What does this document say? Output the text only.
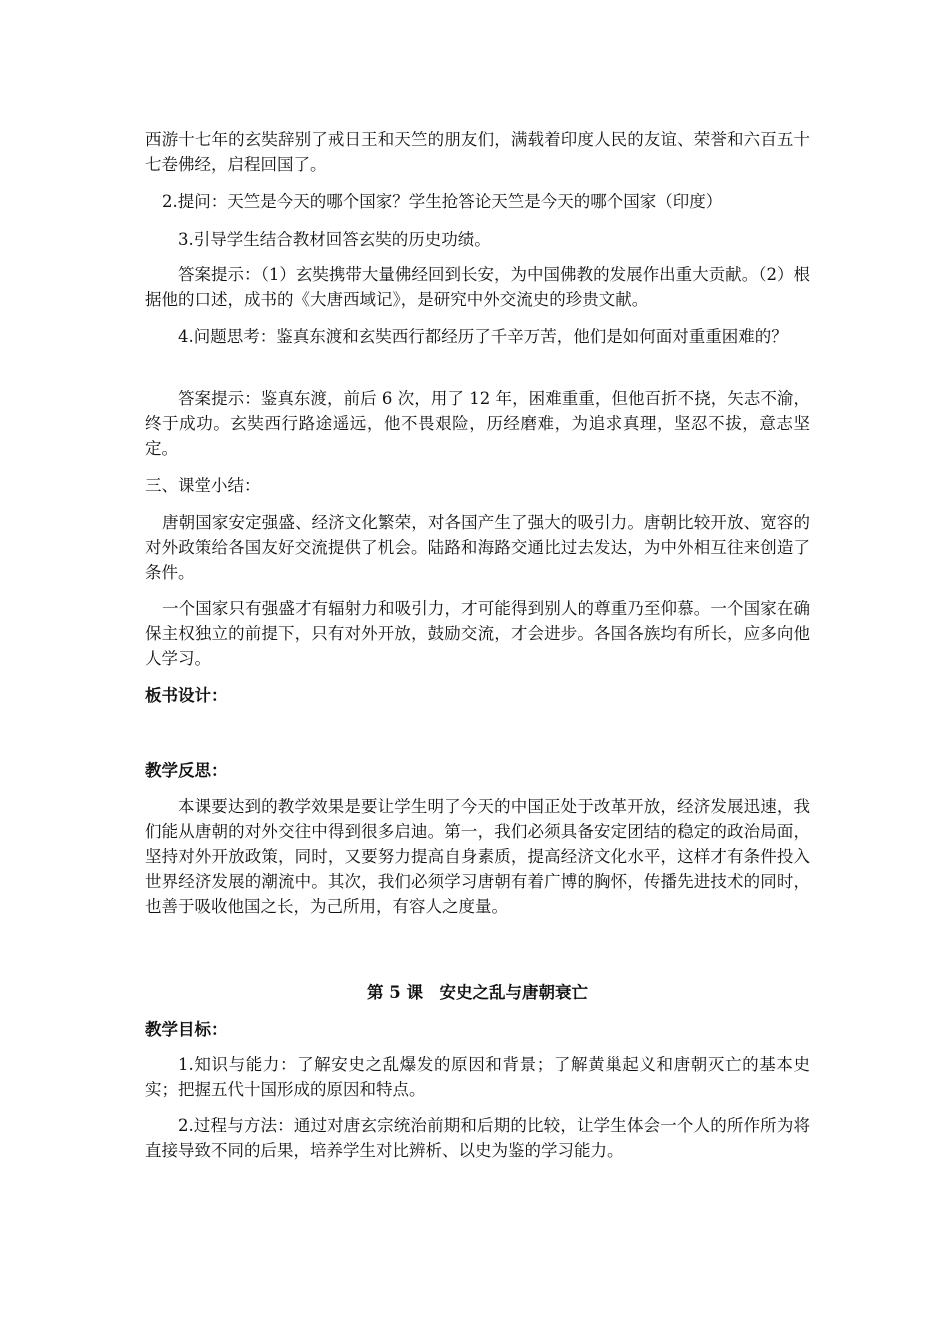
西游十七年的玄奘辞别了戒日王和天竺的朋友们，满载着印度人民的友谊、荣誉和六百五十七卷佛经，启程回国了。

2.提问：天竺是今天的哪个国家？学生抢答论天竺是今天的哪个国家（印度）

3.引导学生结合教材回答玄奘的历史功绩。

答案提示：（1）玄奘携带大量佛经回到长安，为中国佛教的发展作出重大贡献。（2）根据他的口述，成书的《大唐西域记》，是研究中外交流史的珍贵文献。

4.问题思考：鉴真东渡和玄奘西行都经历了千辛万苦，他们是如何面对重重困难的？

答案提示：鉴真东渡，前后 6 次，用了 12 年，困难重重，但他百折不挠，矢志不渝，终于成功。玄奘西行路途遥远，他不畏艰险，历经磨难，为追求真理，坚忍不拔，意志坚定。

三、课堂小结：

唐朝国家安定强盛、经济文化繁荣，对各国产生了强大的吸引力。唐朝比较开放、宽容的对外政策给各国友好交流提供了机会。陆路和海路交通比过去发达，为中外相互往来创造了条件。

一个国家只有强盛才有辐射力和吸引力，才可能得到别人的尊重乃至仰慕。一个国家在确保主权独立的前提下，只有对外开放，鼓励交流，才会进步。各国各族均有所长，应多向他人学习。

板书设计：

教学反思：

本课要达到的教学效果是要让学生明了今天的中国正处于改革开放，经济发展迅速，我们能从唐朝的对外交往中得到很多启迪。第一，我们必须具备安定团结的稳定的政治局面，坚持对外开放政策，同时，又要努力提高自身素质，提高经济文化水平，这样才有条件投入世界经济发展的潮流中。其次，我们必须学习唐朝有着广博的胸怀，传播先进技术的同时，也善于吸收他国之长，为己所用，有容人之度量。

第 5 课　安史之乱与唐朝衰亡

教学目标：

1.知识与能力：了解安史之乱爆发的原因和背景；了解黄巢起义和唐朝灭亡的基本史实；把握五代十国形成的原因和特点。

2.过程与方法：通过对唐玄宗统治前期和后期的比较，让学生体会一个人的所作所为将直接导致不同的后果，培养学生对比辨析、以史为鉴的学习能力。
